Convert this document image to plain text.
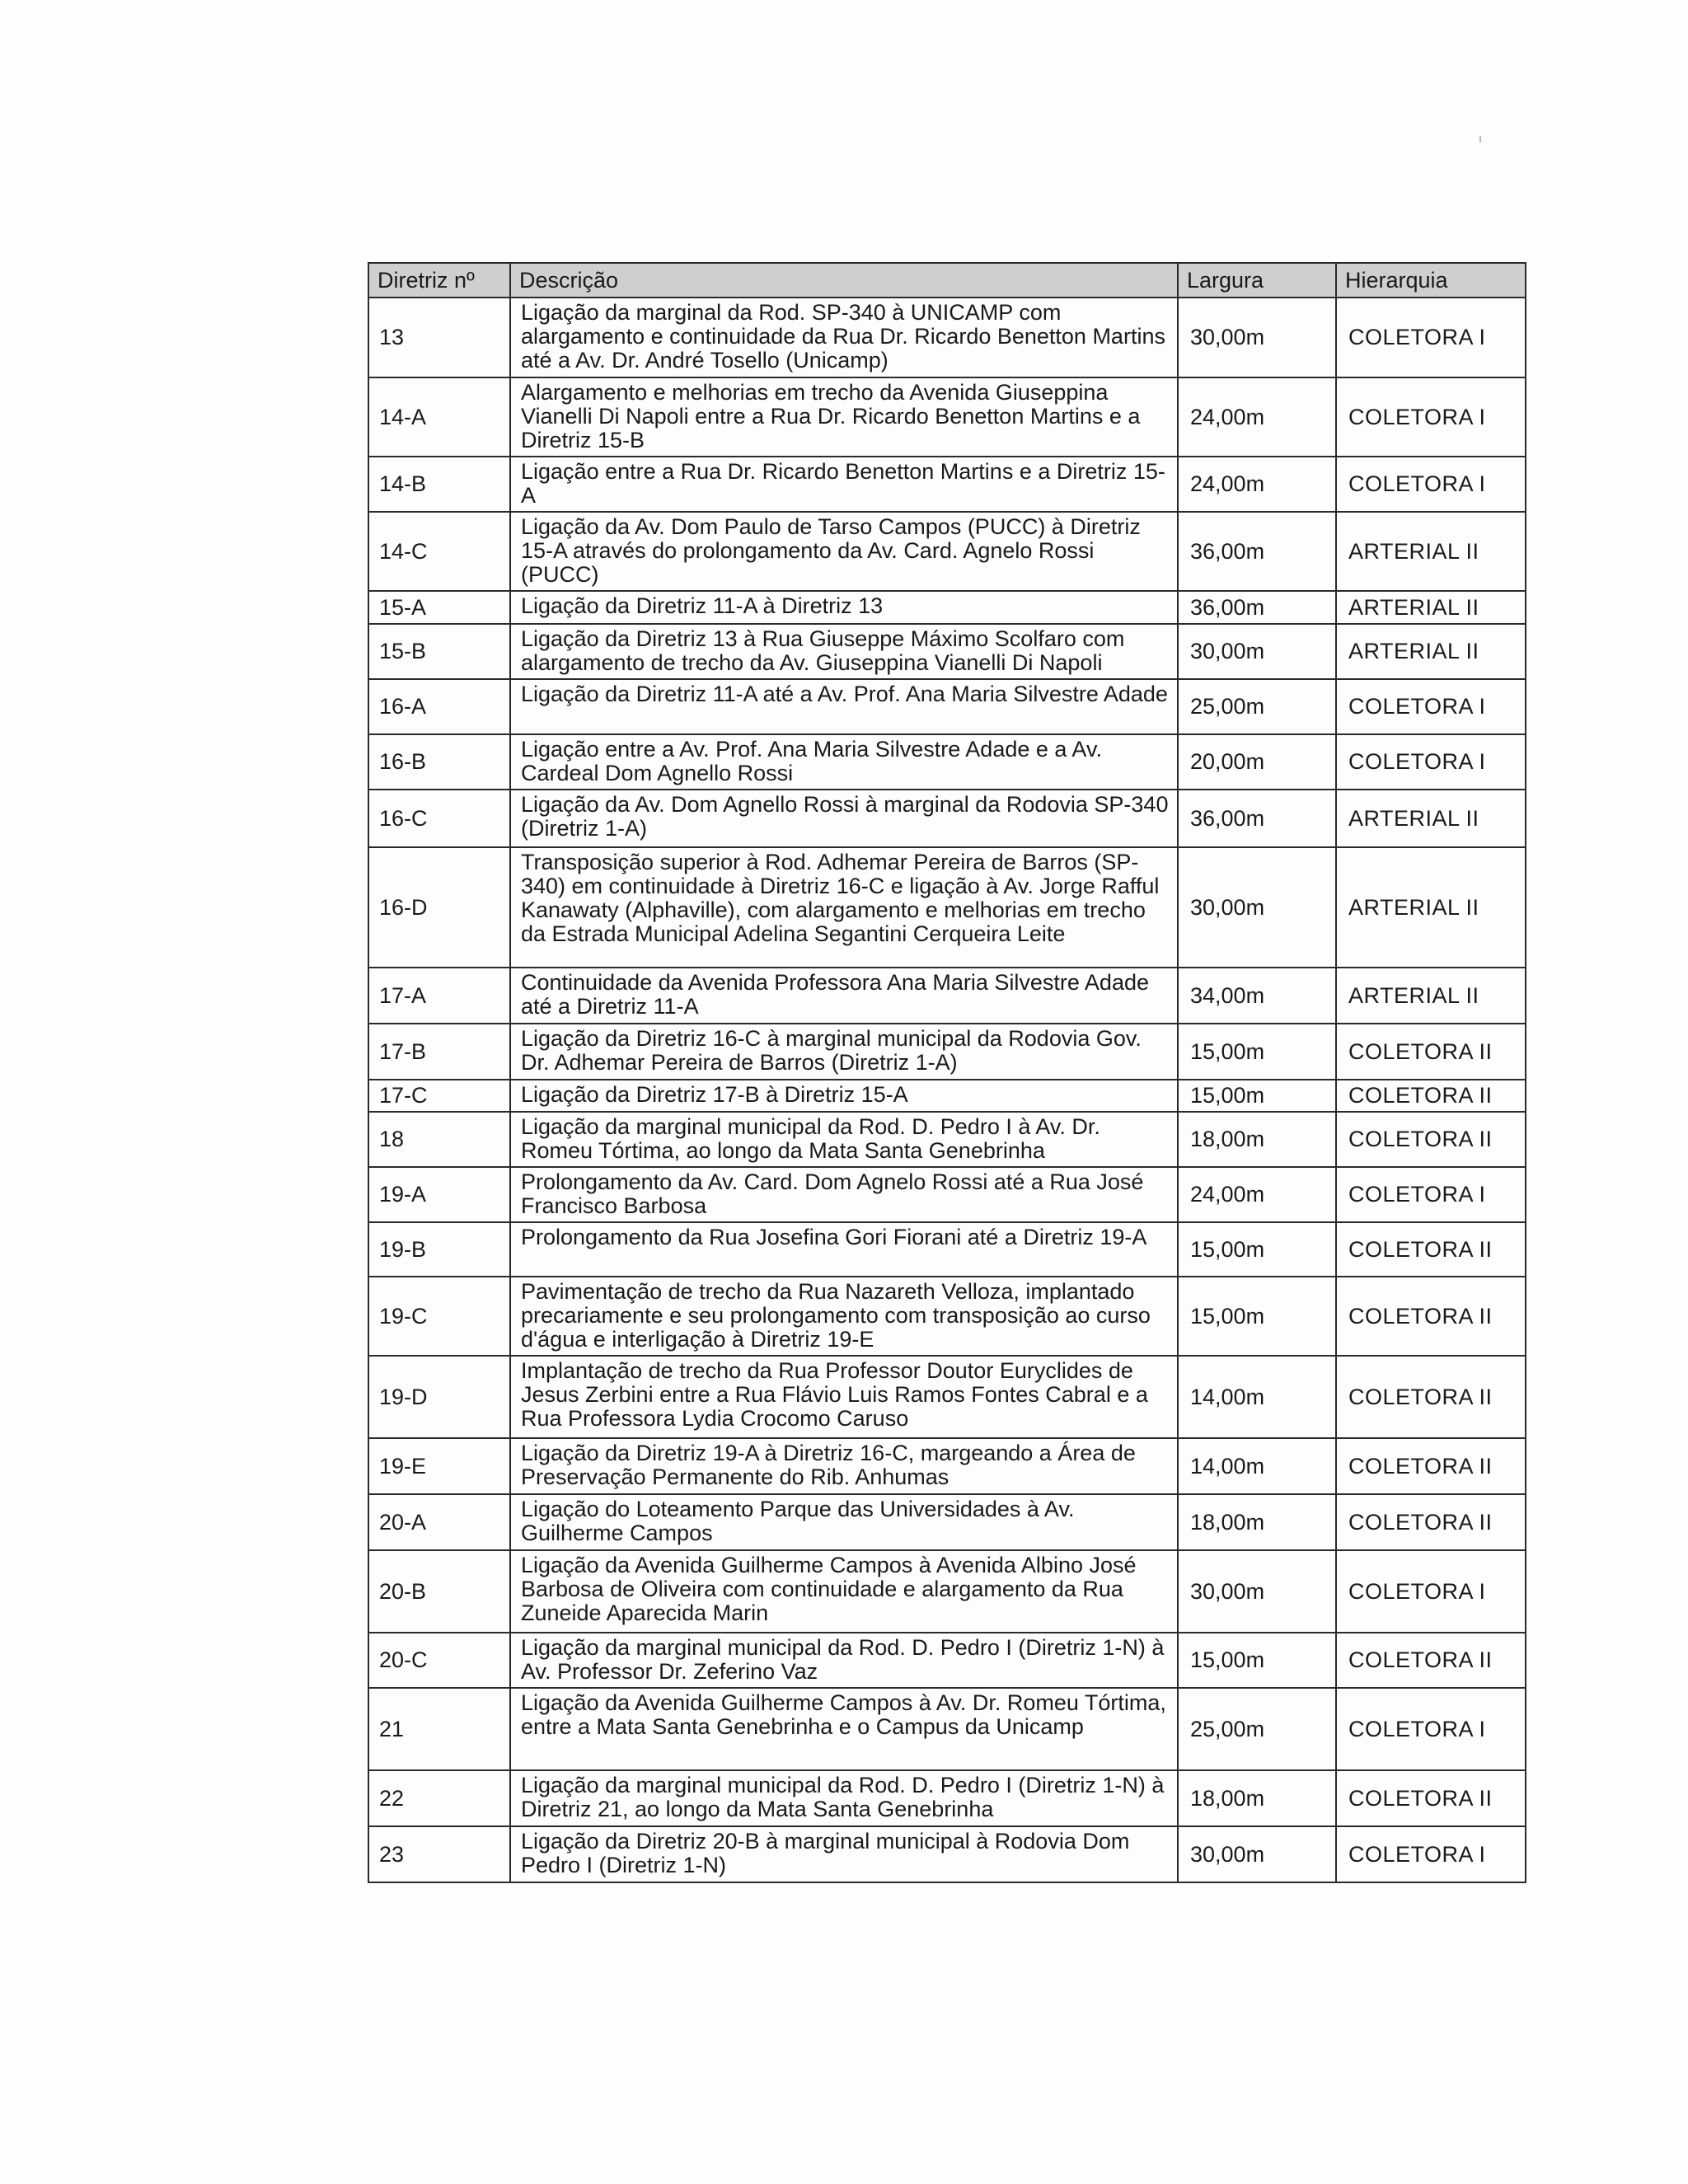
Diretriz nº	Descrição	Largura	Hierarquia
13	Ligação da marginal da Rod. SP-340 à UNICAMP com alargamento e continuidade da Rua Dr. Ricardo Benetton Martins até a Av. Dr. André Tosello (Unicamp)	30,00m	COLETORA I
14-A	Alargamento e melhorias em trecho da Avenida Giuseppina Vianelli Di Napoli entre a Rua Dr. Ricardo Benetton Martins e a Diretriz 15-B	24,00m	COLETORA I
14-B	Ligação entre a Rua Dr. Ricardo Benetton Martins e a Diretriz 15-A	24,00m	COLETORA I
14-C	Ligação da Av. Dom Paulo de Tarso Campos (PUCC) à Diretriz 15-A através do prolongamento da Av. Card. Agnelo Rossi (PUCC)	36,00m	ARTERIAL II
15-A	Ligação da Diretriz 11-A à Diretriz 13	36,00m	ARTERIAL II
15-B	Ligação da Diretriz 13 à Rua Giuseppe Máximo Scolfaro com alargamento de trecho da Av. Giuseppina Vianelli Di Napoli	30,00m	ARTERIAL II
16-A	Ligação da Diretriz 11-A até a Av. Prof. Ana Maria Silvestre Adade	25,00m	COLETORA I
16-B	Ligação entre a Av. Prof. Ana Maria Silvestre Adade e a Av. Cardeal Dom Agnello Rossi	20,00m	COLETORA I
16-C	Ligação da Av. Dom Agnello Rossi à marginal da Rodovia SP-340 (Diretriz 1-A)	36,00m	ARTERIAL II
16-D	Transposição superior à Rod. Adhemar Pereira de Barros (SP-340) em continuidade à Diretriz 16-C e ligação à Av. Jorge Rafful Kanawaty (Alphaville), com alargamento e melhorias em trecho da Estrada Municipal Adelina Segantini Cerqueira Leite	30,00m	ARTERIAL II
17-A	Continuidade da Avenida Professora Ana Maria Silvestre Adade até a Diretriz 11-A	34,00m	ARTERIAL II
17-B	Ligação da Diretriz 16-C à marginal municipal da Rodovia Gov. Dr. Adhemar Pereira de Barros (Diretriz 1-A)	15,00m	COLETORA II
17-C	Ligação da Diretriz 17-B à Diretriz 15-A	15,00m	COLETORA II
18	Ligação da marginal municipal da Rod. D. Pedro I à Av. Dr. Romeu Tórtima, ao longo da Mata Santa Genebrinha	18,00m	COLETORA II
19-A	Prolongamento da Av. Card. Dom Agnelo Rossi até a Rua José Francisco Barbosa	24,00m	COLETORA I
19-B	Prolongamento da Rua Josefina Gori Fiorani até a Diretriz 19-A	15,00m	COLETORA II
19-C	Pavimentação de trecho da Rua Nazareth Velloza, implantado precariamente e seu prolongamento com transposição ao curso d'água e interligação à Diretriz 19-E	15,00m	COLETORA II
19-D	Implantação de trecho da Rua Professor Doutor Euryclides de Jesus Zerbini entre a Rua Flávio Luis Ramos Fontes Cabral e a Rua Professora Lydia Crocomo Caruso	14,00m	COLETORA II
19-E	Ligação da Diretriz 19-A à Diretriz 16-C, margeando a Área de Preservação Permanente do Rib. Anhumas	14,00m	COLETORA II
20-A	Ligação do Loteamento Parque das Universidades à Av. Guilherme Campos	18,00m	COLETORA II
20-B	Ligação da Avenida Guilherme Campos à Avenida Albino José Barbosa de Oliveira com continuidade e alargamento da Rua Zuneide Aparecida Marin	30,00m	COLETORA I
20-C	Ligação da marginal municipal da Rod. D. Pedro I (Diretriz 1-N) à Av. Professor Dr. Zeferino Vaz	15,00m	COLETORA II
21	Ligação da Avenida Guilherme Campos à Av. Dr. Romeu Tórtima, entre a Mata Santa Genebrinha e o Campus da Unicamp	25,00m	COLETORA I
22	Ligação da marginal municipal da Rod. D. Pedro I (Diretriz 1-N) à Diretriz 21, ao longo da Mata Santa Genebrinha	18,00m	COLETORA II
23	Ligação da Diretriz 20-B à marginal municipal à Rodovia Dom Pedro I (Diretriz 1-N)	30,00m	COLETORA I
